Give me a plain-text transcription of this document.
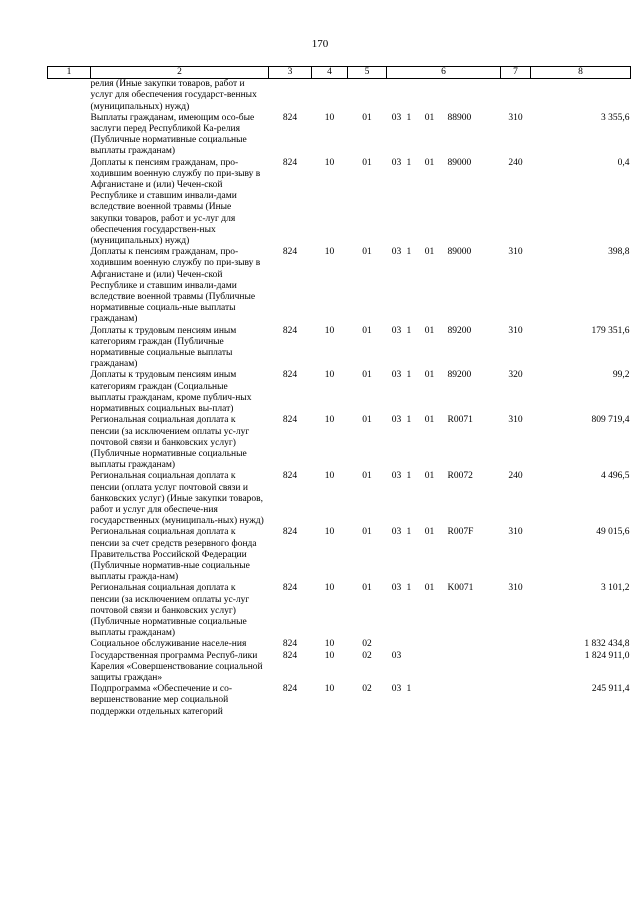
170
1	2	3	4	5	6				7	8
	релия (Иные закупки товаров, работ и услуг для обеспечения государст-венных (муниципальных) нужд)									
	Выплаты гражданам, имеющим осо-бые заслуги перед Республикой Ка-релия (Публичные нормативные социальные выплаты гражданам)	824	10	01	03	1	01	88900	310	3 355,6
	Доплаты к пенсиям гражданам, про-ходившим военную службу по при-зыву в Афганистане и (или) Чечен-ской Республике и ставшим инвали-дами вследствие военной травмы (Иные закупки товаров, работ и ус-луг для обеспечения государствен-ных (муниципальных) нужд)	824	10	01	03	1	01	89000	240	0,4
	Доплаты к пенсиям гражданам, про-ходившим военную службу по при-зыву в Афганистане и (или) Чечен-ской Республике и ставшим инвали-дами вследствие военной травмы (Публичные нормативные социаль-ные выплаты гражданам)	824	10	01	03	1	01	89000	310	398,8
	Доплаты к трудовым пенсиям иным категориям граждан (Публичные нормативные социальные выплаты гражданам)	824	10	01	03	1	01	89200	310	179 351,6
	Доплаты к трудовым пенсиям иным категориям граждан (Социальные выплаты гражданам, кроме публич-ных нормативных социальных вы-плат)	824	10	01	03	1	01	89200	320	99,2
	Региональная социальная доплата к пенсии (за исключением оплаты ус-луг почтовой связи и банковских услуг) (Публичные нормативные социальные выплаты гражданам)	824	10	01	03	1	01	R0071	310	809 719,4
	Региональная социальная доплата к пенсии (оплата услуг почтовой связи и банковских услуг) (Иные закупки товаров, работ и услуг для обеспече-ния государственных (муниципаль-ных) нужд)	824	10	01	03	1	01	R0072	240	4 496,5
	Региональная социальная доплата к пенсии за счет средств резервного фонда Правительства Российской Федерации (Публичные норматив-ные социальные выплаты гражда-нам)	824	10	01	03	1	01	R007F	310	49 015,6
	Региональная социальная доплата к пенсии (за исключением оплаты ус-луг почтовой связи и банковских услуг) (Публичные нормативные социальные выплаты гражданам)	824	10	01	03	1	01	K0071	310	3 101,2
	Социальное обслуживание населе-ния	824	10	02						1 832 434,8
	Государственная программа Респуб-лики Карелия «Совершенствование социальной защиты граждан»	824	10	02	03					1 824 911,0
	Подпрограмма «Обеспечение и со-вершенствование мер социальной поддержки отдельных категорий	824	10	02	03	1				245 911,4
